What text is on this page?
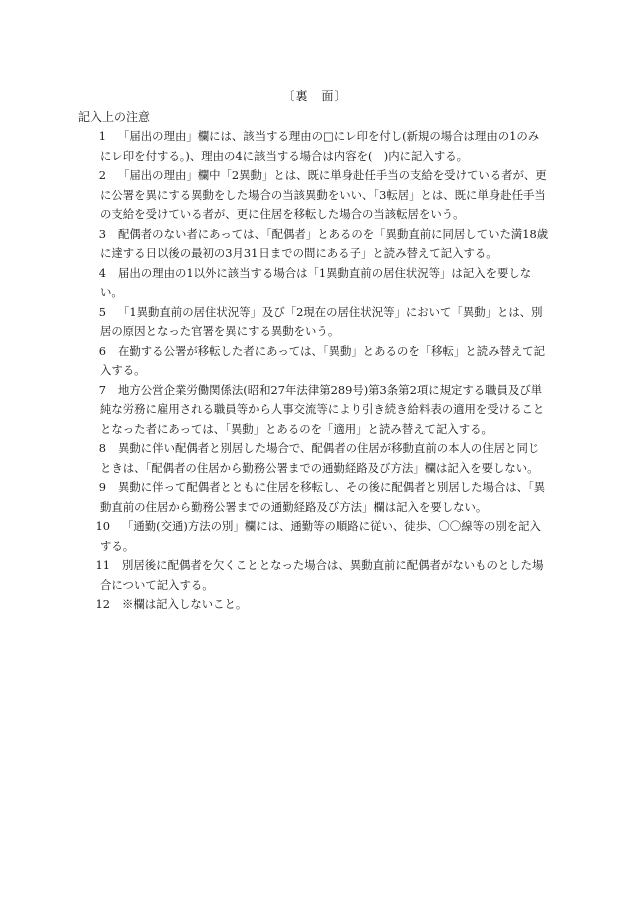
〔裏　面〕
記入上の注意
1 「届出の理由」欄には、該当する理由の□にレ印を付し(新規の場合は理由の1のみにレ印を付する。)、理由の4に該当する場合は内容を(　)内に記入する。
2 「届出の理由」欄中「2異動」とは、既に単身赴任手当の支給を受けている者が、更に公署を異にする異動をした場合の当該異動をいい、「3転居」とは、既に単身赴任手当の支給を受けている者が、更に住居を移転した場合の当該転居をいう。
3 配偶者のない者にあっては、「配偶者」とあるのを「異動直前に同居していた満18歳に達する日以後の最初の3月31日までの間にある子」と読み替えて記入する。
4 届出の理由の1以外に該当する場合は「1異動直前の居住状況等」は記入を要しない。
5 「1異動直前の居住状況等」及び「2現在の居住状況等」において「異動」とは、別居の原因となった官署を異にする異動をいう。
6 在勤する公署が移転した者にあっては、「異動」とあるのを「移転」と読み替えて記入する。
7 地方公営企業労働関係法(昭和27年法律第289号)第3条第2項に規定する職員及び単純な労務に雇用される職員等から人事交流等により引き続き給料表の適用を受けることとなった者にあっては、「異動」とあるのを「適用」と読み替えて記入する。
8 異動に伴い配偶者と別居した場合で、配偶者の住居が移動直前の本人の住居と同じときは、「配偶者の住居から勤務公署までの通勤経路及び方法」欄は記入を要しない。
9 異動に伴って配偶者とともに住居を移転し、その後に配偶者と別居した場合は、「異動直前の住居から勤務公署までの通勤経路及び方法」欄は記入を要しない。
10 「通勤(交通)方法の別」欄には、通勤等の順路に従い、徒歩、〇〇線等の別を記入する。
11 別居後に配偶者を欠くこととなった場合は、異動直前に配偶者がないものとした場合について記入する。
12 ※欄は記入しないこと。
